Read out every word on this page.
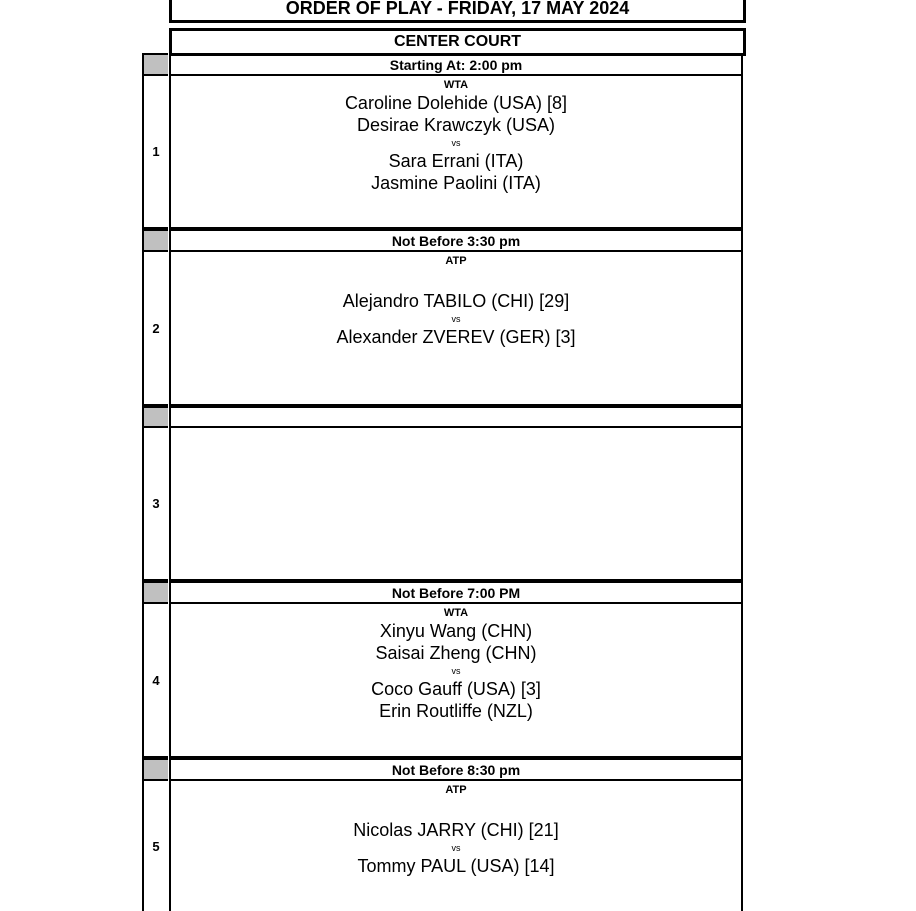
ORDER OF PLAY - FRIDAY, 17 MAY 2024
CENTER COURT
Starting At: 2:00 pm
1
WTA
Caroline Dolehide (USA) [8]
Desirae Krawczyk (USA)
vs
Sara Errani (ITA)
Jasmine Paolini (ITA)
Not Before 3:30 pm
2
ATP
Alejandro TABILO (CHI) [29]
vs
Alexander ZVEREV (GER) [3]
3
Not Before 7:00 PM
4
WTA
Xinyu Wang (CHN)
Saisai Zheng (CHN)
vs
Coco Gauff (USA) [3]
Erin Routliffe (NZL)
Not Before 8:30 pm
5
ATP
Nicolas JARRY (CHI) [21]
vs
Tommy PAUL (USA) [14]
